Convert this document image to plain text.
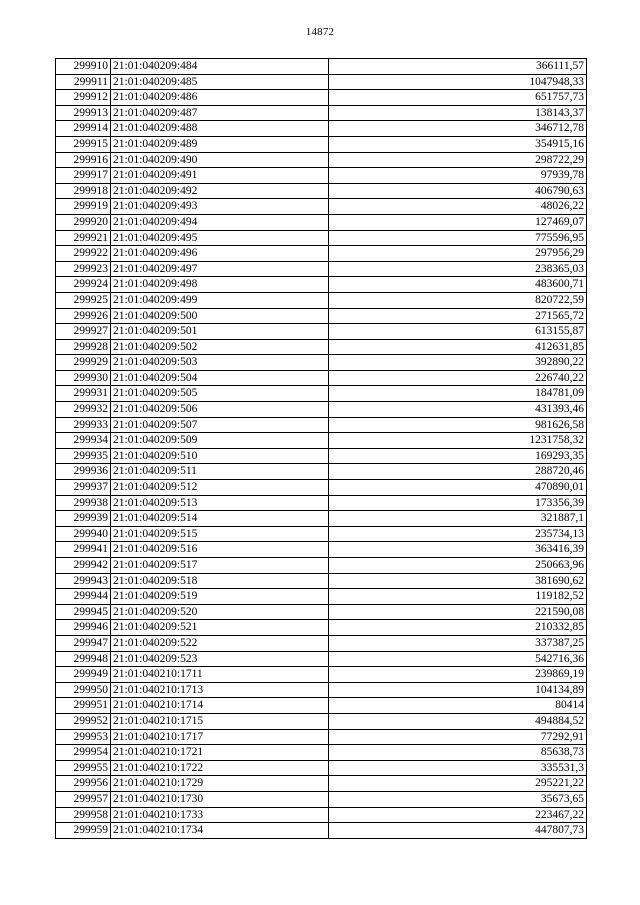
14872
299910	21:01:040209:484	366111,57
299911	21:01:040209:485	1047948,33
299912	21:01:040209:486	651757,73
299913	21:01:040209:487	138143,37
299914	21:01:040209:488	346712,78
299915	21:01:040209:489	354915,16
299916	21:01:040209:490	298722,29
299917	21:01:040209:491	97939,78
299918	21:01:040209:492	406790,63
299919	21:01:040209:493	48026,22
299920	21:01:040209:494	127469,07
299921	21:01:040209:495	775596,95
299922	21:01:040209:496	297956,29
299923	21:01:040209:497	238365,03
299924	21:01:040209:498	483600,71
299925	21:01:040209:499	820722,59
299926	21:01:040209:500	271565,72
299927	21:01:040209:501	613155,87
299928	21:01:040209:502	412631,85
299929	21:01:040209:503	392890,22
299930	21:01:040209:504	226740,22
299931	21:01:040209:505	184781,09
299932	21:01:040209:506	431393,46
299933	21:01:040209:507	981626,58
299934	21:01:040209:509	1231758,32
299935	21:01:040209:510	169293,35
299936	21:01:040209:511	288720,46
299937	21:01:040209:512	470890,01
299938	21:01:040209:513	173356,39
299939	21:01:040209:514	321887,1
299940	21:01:040209:515	235734,13
299941	21:01:040209:516	363416,39
299942	21:01:040209:517	250663,96
299943	21:01:040209:518	381690,62
299944	21:01:040209:519	119182,52
299945	21:01:040209:520	221590,08
299946	21:01:040209:521	210332,85
299947	21:01:040209:522	337387,25
299948	21:01:040209:523	542716,36
299949	21:01:040210:1711	239869,19
299950	21:01:040210:1713	104134,89
299951	21:01:040210:1714	80414
299952	21:01:040210:1715	494884,52
299953	21:01:040210:1717	77292,91
299954	21:01:040210:1721	85638,73
299955	21:01:040210:1722	335531,3
299956	21:01:040210:1729	295221,22
299957	21:01:040210:1730	35673,65
299958	21:01:040210:1733	223467,22
299959	21:01:040210:1734	447807,73
